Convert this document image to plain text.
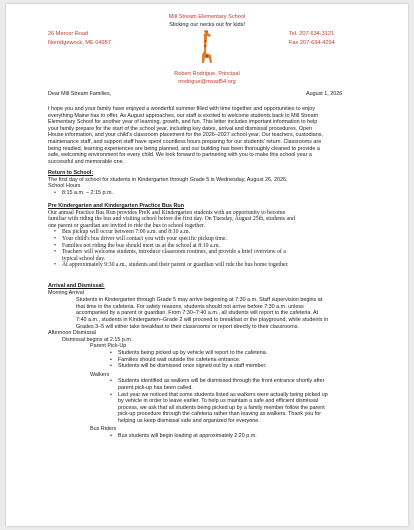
Mill Stream Elementary School
Sticking our necks out for kids!
26 Mercer Road
Norridgewock, ME 04957
Tel. 207-634-3121
Fax 207-634-4294
Robert Rodrigue, Principal
rrodrigue@msad54.org
Dear Mill Stream Families,	August 1, 2026
I hope you and your family have enjoyed a wonderful summer filled with time together and opportunities to enjoy
everything Maine has to offer. As August approaches, our staff is excited to welcome students back to Mill Stream
Elementary School for another year of learning, growth, and fun. This letter includes important information to help
your family prepare for the start of the school year, including key dates, arrival and dismissal procedures, Open
House information, and your child's classroom placement for the 2026–2027 school year. Our teachers, custodians,
maintenance staff, and support staff have spent countless hours preparing for our students' return. Classrooms are
being readied, learning experiences are being planned, and our building has been thoroughly cleaned to provide a
safe, welcoming environment for every child. We look forward to partnering with you to make this school year a
successful and memorable one.
Return to School:
The first day of school for students in Kindergarten through Grade 5 is Wednesday, August 26, 2026.
School Hours
• 8:15 a.m. – 2:15 p.m.
Pre Kindergarten and Kindergarten Practice Bus Run
Our annual Practice Bus Run provides PreK and Kindergarten students with an opportunity to become
familiar with riding the bus and visiting school before the first day. On Tuesday, August 25th, students and
one parent or guardian are invited to ride the bus to school together.
• Bus pickup will occur between 7:00 a.m. and 8:10 a.m.
• Your child's bus driver will contact you with your specific pickup time.
• Families not riding the bus should meet us at the school at 8:10 a.m.
• Teachers will welcome students, introduce classroom routines, and provide a brief overview of a
typical school day.
• At approximately 9:30 a.m., students and their parent or guardian will ride the bus home together.
Arrival and Dismissal:
Morning Arrival
Students in Kindergarten through Grade 5 may arrive beginning at 7:30 a.m. Staff supervision begins at
that time in the cafeteria. For safety reasons, students should not arrive before 7:30 a.m. unless
accompanied by a parent or guardian. From 7:30–7:40 a.m., all students will report to the cafeteria. At
7:40 a.m., students in Kindergarten–Grade 2 will proceed to breakfast or the playground, while students in
Grades 3–5 will either take breakfast to their classrooms or report directly to their classrooms.
Afternoon Dismissal
Dismissal begins at 2:15 p.m.
Parent Pick-Up
• Students being picked up by vehicle will report to the cafeteria.
• Families should wait outside the cafeteria entrance.
• Students will be dismissed once signed out by a staff member.
Walkers
• Students identified as walkers will be dismissed through the front entrance shortly after
parent pick-up has been called.
• Last year we noticed that some students listed as walkers were actually being picked up
by vehicle in order to leave earlier. To help us maintain a safe and efficient dismissal
process, we ask that all students being picked up by a family member follow the parent
pick-up procedure through the cafeteria rather than leaving as walkers. Thank you for
helping us keep dismissal safe and organized for everyone.
Bus Riders
• Bus students will begin loading at approximately 2:20 p.m.
